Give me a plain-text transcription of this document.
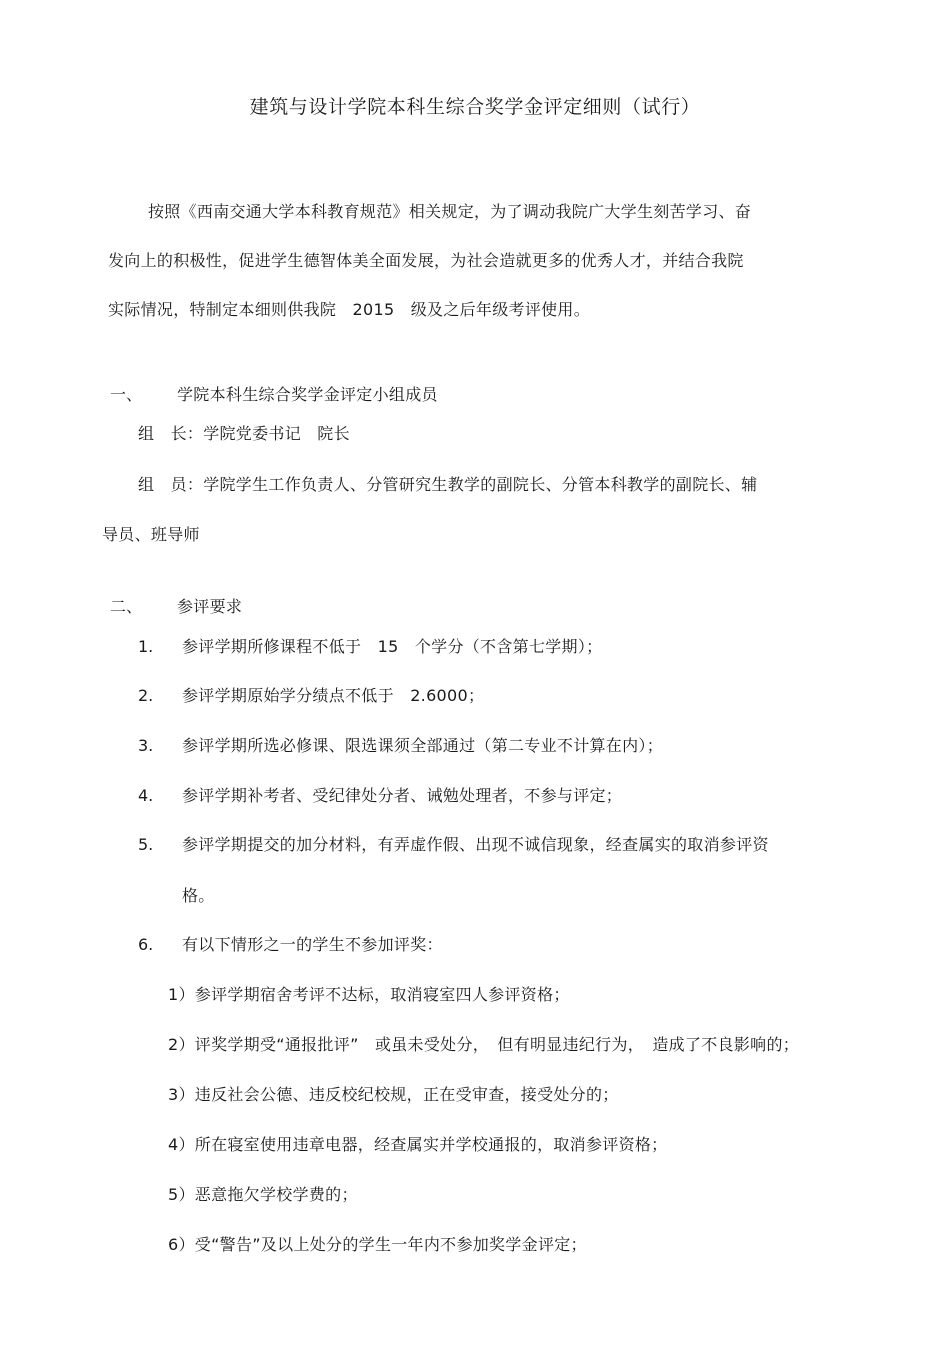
建筑与设计学院本科生综合奖学金评定细则（试行）
按照《西南交通大学本科教育规范》相关规定，为了调动我院广大学生刻苦学习、奋
发向上的积极性，促进学生德智体美全面发展，为社会造就更多的优秀人才，并结合我院
实际情况，特制定本细则供我院　2015　级及之后年级考评使用。
一、 学院本科生综合奖学金评定小组成员
组　长：学院党委书记　院长
组　员：学院学生工作负责人、分管研究生教学的副院长、分管本科教学的副院长、辅
导员、班导师
二、 参评要求
1. 参评学期所修课程不低于　15　个学分（不含第七学期）；
2. 参评学期原始学分绩点不低于　2.6000；
3. 参评学期所选必修课、限选课须全部通过（第二专业不计算在内）；
4. 参评学期补考者、受纪律处分者、诫勉处理者，不参与评定；
5. 参评学期提交的加分材料，有弄虚作假、出现不诚信现象，经查属实的取消参评资
格。
6. 有以下情形之一的学生不参加评奖：
1）参评学期宿舍考评不达标，取消寝室四人参评资格；
2）评奖学期受“通报批评”　或虽未受处分，　但有明显违纪行为，　造成了不良影响的；
3）违反社会公德、违反校纪校规，正在受审查，接受处分的；
4）所在寝室使用违章电器，经查属实并学校通报的，取消参评资格；
5）恶意拖欠学校学费的；
6）受“警告”及以上处分的学生一年内不参加奖学金评定；
